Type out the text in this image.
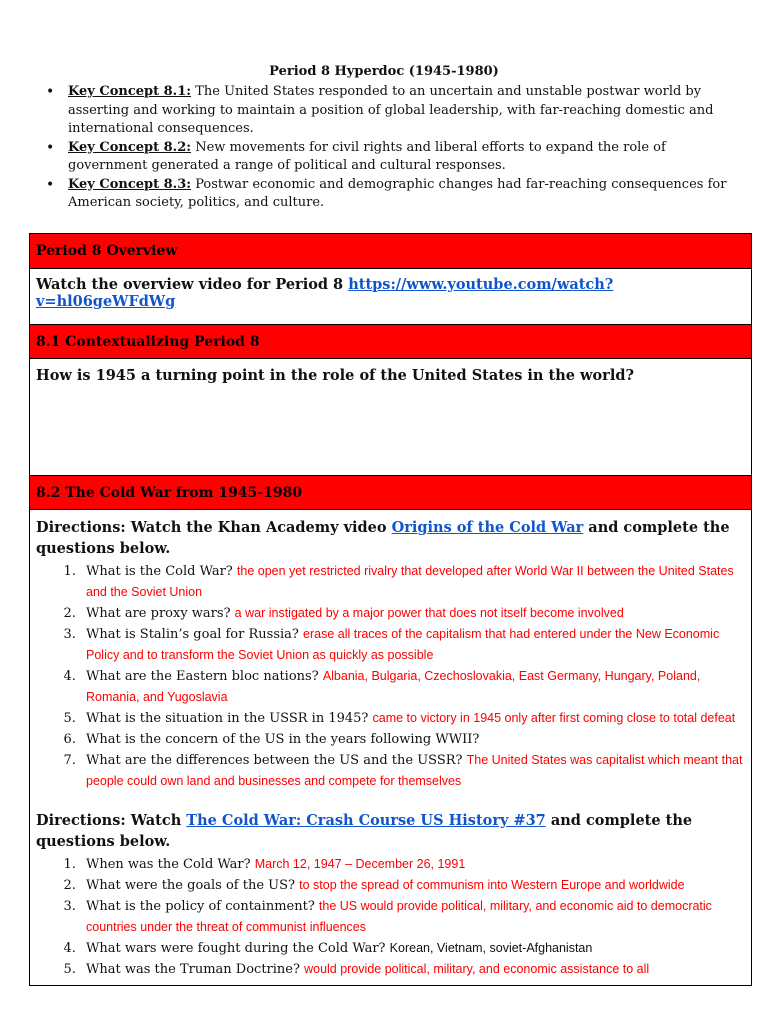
Period 8 Hyperdoc (1945-1980)
• Key Concept 8.1: The United States responded to an uncertain and unstable postwar world by asserting and working to maintain a position of global leadership, with far-reaching domestic and international consequences.
• Key Concept 8.2: New movements for civil rights and liberal efforts to expand the role of government generated a range of political and cultural responses.
• Key Concept 8.3: Postwar economic and demographic changes had far-reaching consequences for American society, politics, and culture.
Period 8 Overview
Watch the overview video for Period 8 https://www.youtube.com/watch?v=hl06geWFdWg
8.1 Contextualizing Period 8
How is 1945 a turning point in the role of the United States in the world?
8.2 The Cold War from 1945-1980
Directions: Watch the Khan Academy video Origins of the Cold War and complete the questions below.
1. What is the Cold War? the open yet restricted rivalry that developed after World War II between the United States and the Soviet Union
2. What are proxy wars? a war instigated by a major power that does not itself become involved
3. What is Stalin’s goal for Russia? erase all traces of the capitalism that had entered under the New Economic Policy and to transform the Soviet Union as quickly as possible
4. What are the Eastern bloc nations? Albania, Bulgaria, Czechoslovakia, East Germany, Hungary, Poland, Romania, and Yugoslavia
5. What is the situation in the USSR in 1945? came to victory in 1945 only after first coming close to total defeat
6. What is the concern of the US in the years following WWII?
7. What are the differences between the US and the USSR? The United States was capitalist which meant that people could own land and businesses and compete for themselves
Directions: Watch The Cold War: Crash Course US History #37 and complete the questions below.
1. When was the Cold War? March 12, 1947 – December 26, 1991
2. What were the goals of the US? to stop the spread of communism into Western Europe and worldwide
3. What is the policy of containment? the US would provide political, military, and economic aid to democratic countries under the threat of communist influences
4. What wars were fought during the Cold War? Korean, Vietnam, soviet-Afghanistan
5. What was the Truman Doctrine? would provide political, military, and economic assistance to all
